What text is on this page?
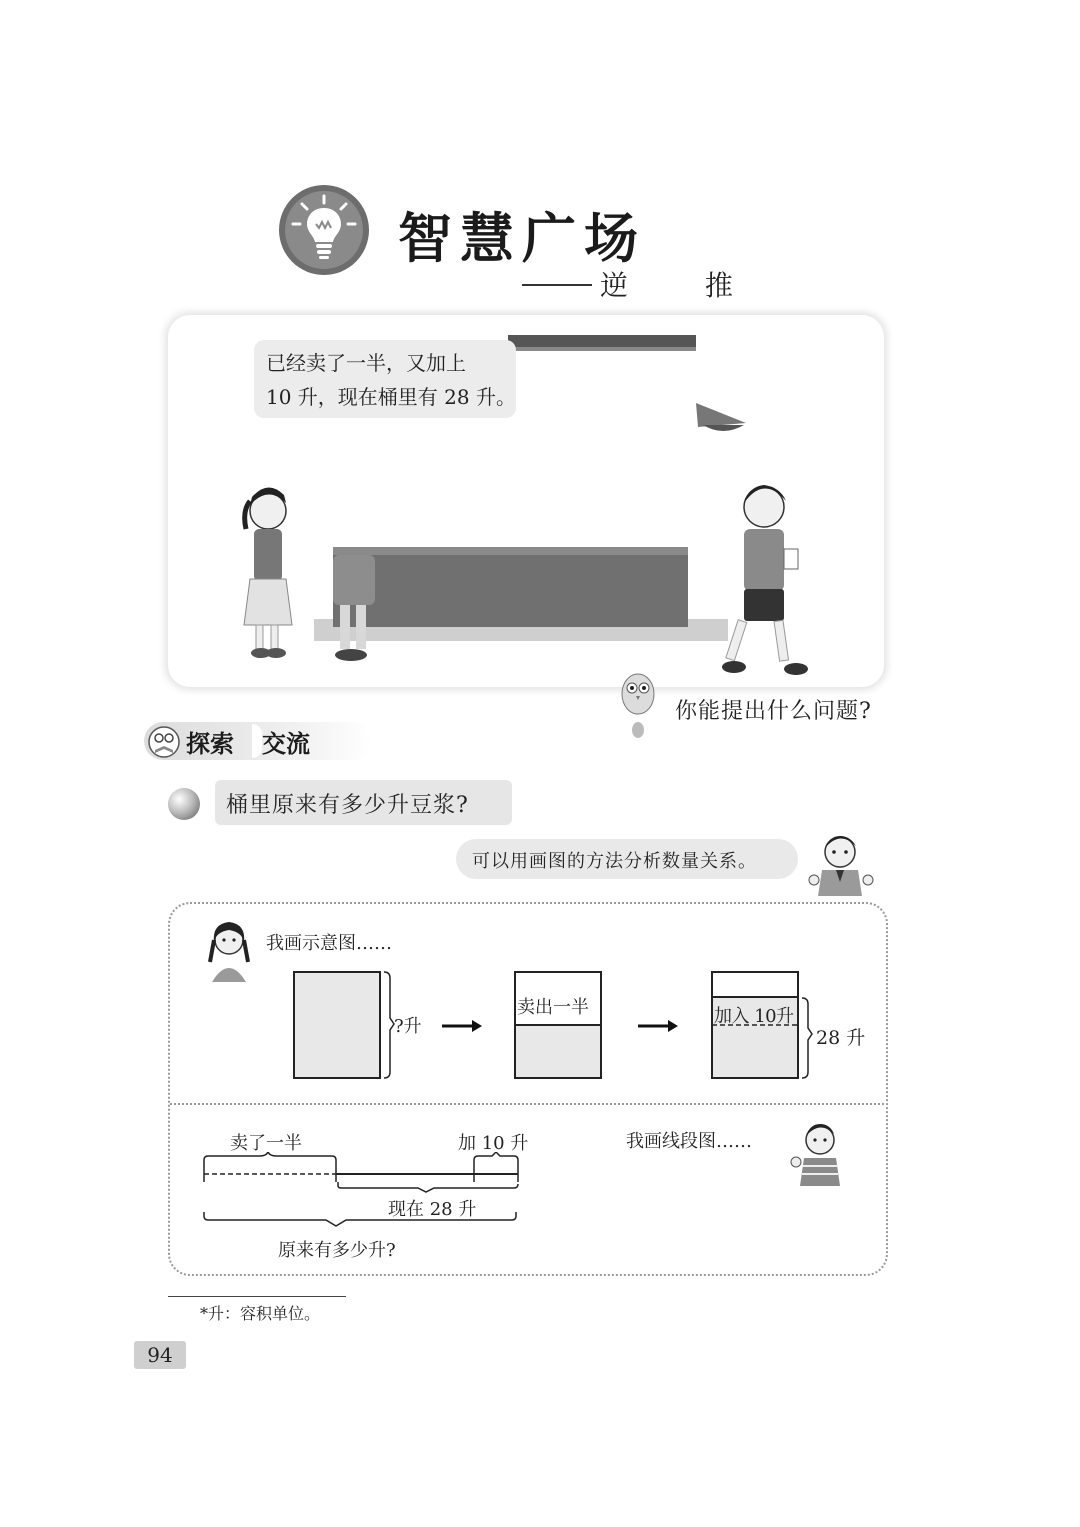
智慧广场
逆 推
已经卖了一半，又加上
10 升，现在桶里有 28 升。
你能提出什么问题?
探索 交流
桶里原来有多少升豆浆?
可以用画图的方法分析数量关系。
我画示意图……
?升
卖出一半	加入 10升
28 升
卖了一半	加 10 升
现在 28 升
原来有多少升?
我画线段图……
*升：容积单位。
94
